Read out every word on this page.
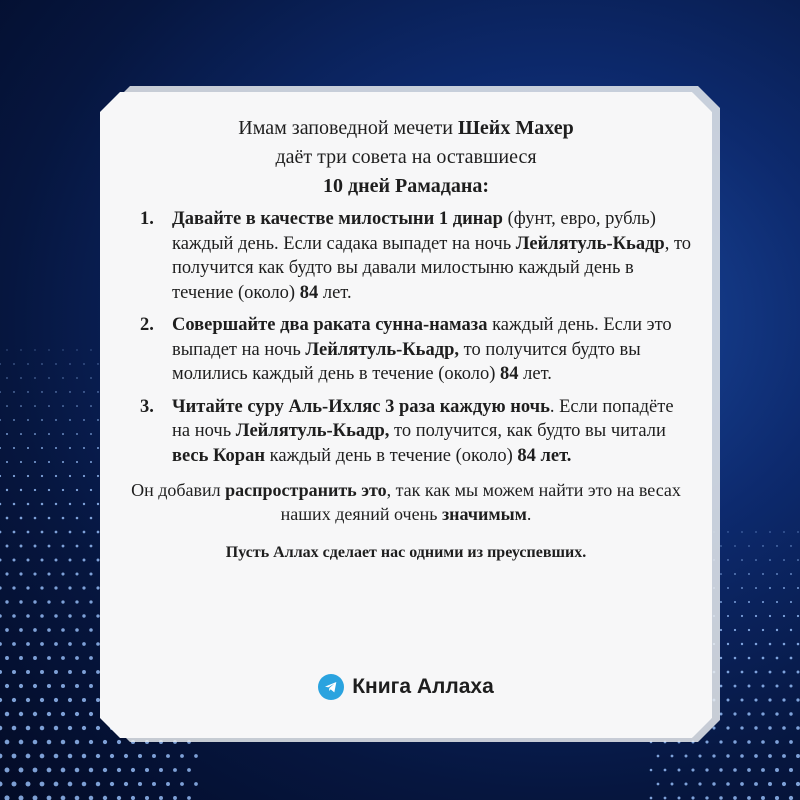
Имам заповедной мечети Шейх Махер
даёт три совета на оставшиеся
10 дней Рамадана:
1. Давайте в качестве милостыни 1 динар (фунт, евро, рубль) каждый день. Если садака выпадет на ночь Лейлятуль-Кьадр, то получится как будто вы давали милостыню каждый день в течение (около) 84 лет.
2. Совершайте два раката сунна-намаза каждый день. Если это выпадет на ночь Лейлятуль-Кьадр, то получится будто вы молились каждый день в течение (около) 84 лет.
3. Читайте суру Аль-Ихляс 3 раза каждую ночь. Если попадёте на ночь Лейлятуль-Кьадр, то получится, как будто вы читали весь Коран каждый день в течение (около) 84 лет.
Он добавил распространить это, так как мы можем найти это на весах наших деяний очень значимым.
Пусть Аллах сделает нас одними из преуспевших.
Книга Аллаха
